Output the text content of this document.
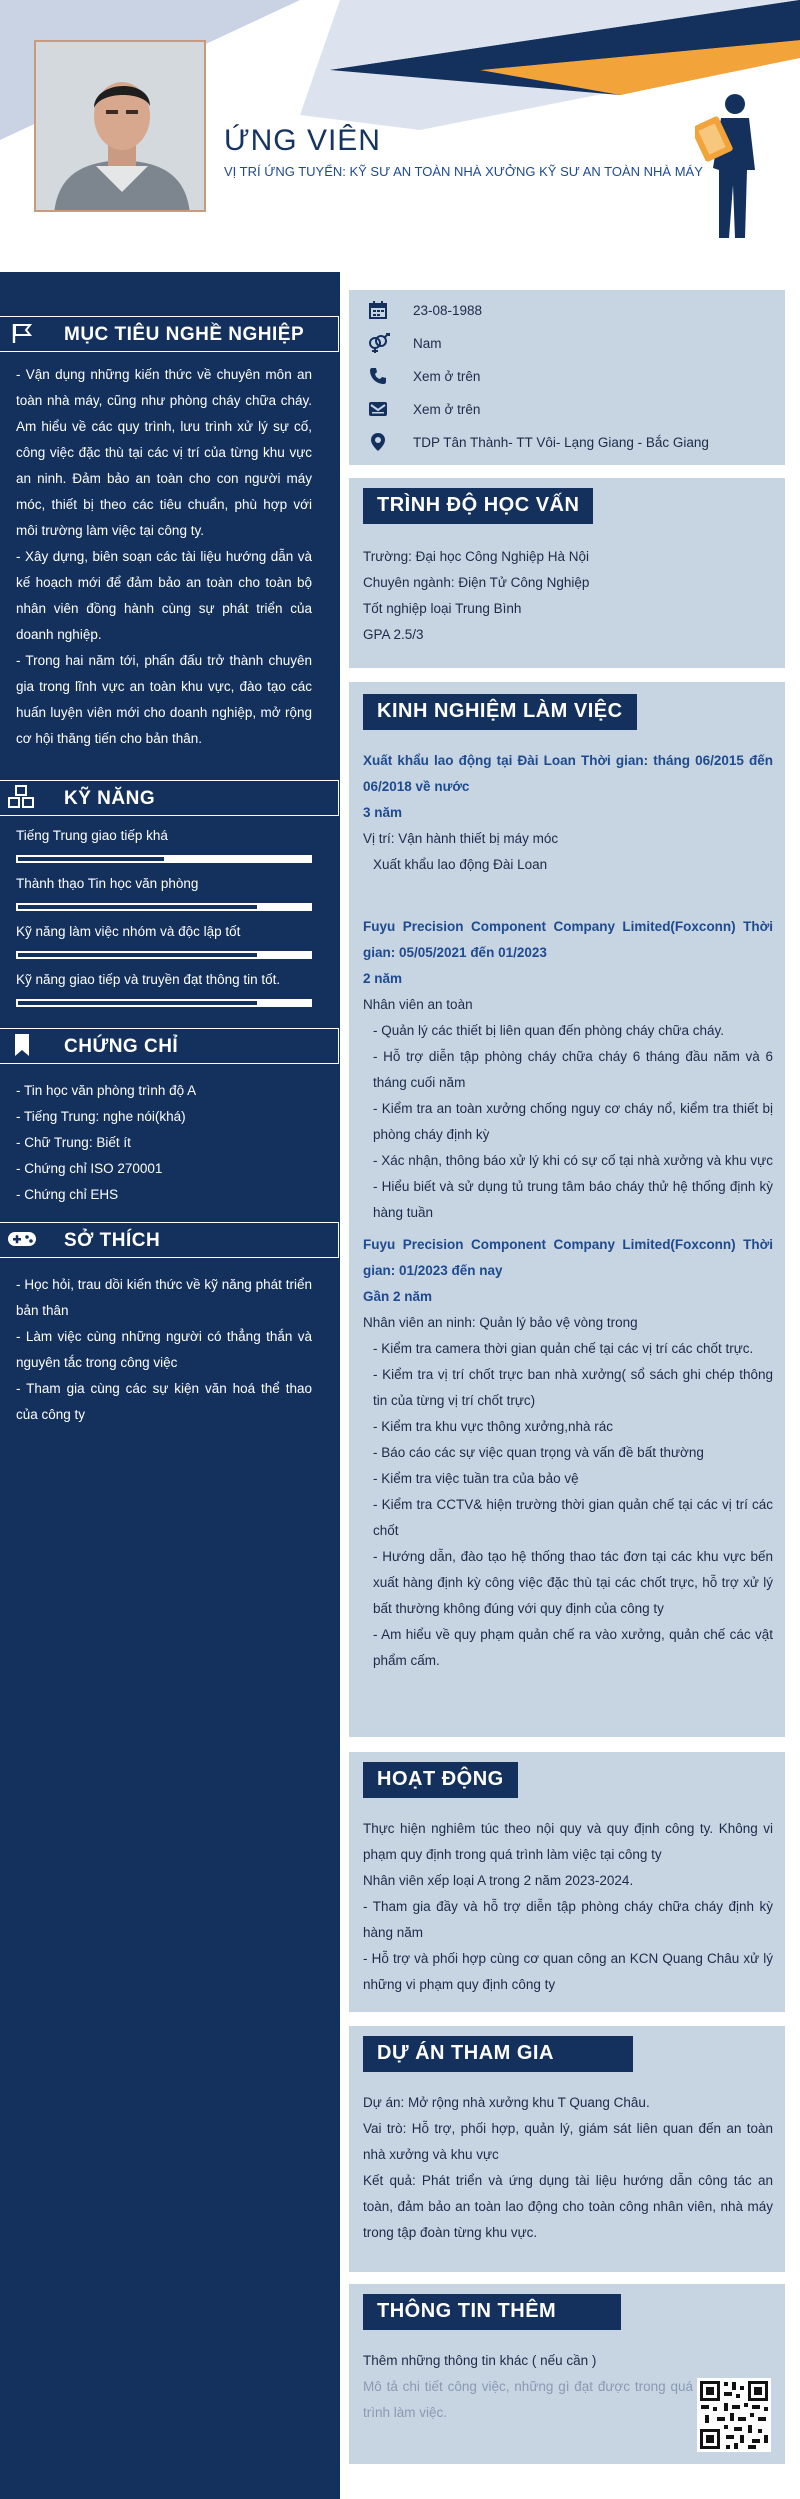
ỨNG VIÊN
VỊ TRÍ ỨNG TUYỂN: KỸ SƯ AN TOÀN NHÀ XƯỞNG KỸ SƯ AN TOÀN NHÀ MÁY
MỤC TIÊU NGHỀ NGHIỆP
- Vận dụng những kiến thức về chuyên môn an toàn nhà máy, cũng như phòng cháy chữa cháy. Am hiểu về các quy trình, lưu trình xử lý sự cố, công việc đặc thù tại các vị trí của từng khu vực an ninh. Đảm bảo an toàn cho con người máy móc, thiết bị theo các tiêu chuẩn, phù hợp với môi trường làm việc tại công ty.
- Xây dựng, biên soạn các tài liệu hướng dẫn và kế hoạch mới để đảm bảo an toàn cho toàn bộ nhân viên đồng hành cùng sự phát triển của doanh nghiệp.
- Trong hai năm tới, phấn đấu trở thành chuyên gia trong lĩnh vực an toàn khu vực, đào tạo các huấn luyện viên mới cho doanh nghiệp, mở rộng cơ hội thăng tiến cho bản thân.
KỸ NĂNG
Tiếng Trung giao tiếp khá
Thành thạo Tin học văn phòng
Kỹ năng làm việc nhóm và độc lập tốt
Kỹ năng giao tiếp và truyền đạt thông tin tốt.
CHỨNG CHỈ
- Tin học văn phòng trình độ A
- Tiếng Trung: nghe nói(khá)
- Chữ Trung: Biết ít
- Chứng chỉ ISO 270001
- Chứng chỉ EHS
SỞ THÍCH
- Học hỏi, trau dồi kiến thức về kỹ năng phát triển bản thân
- Làm việc cùng những người có thẳng thắn và nguyên tắc trong công việc
- Tham gia cùng các sự kiện văn hoá thể thao của công ty
23-08-1988
Nam
Xem ở trên
Xem ở trên
TDP Tân Thành- TT Vôi- Lạng Giang - Bắc Giang
TRÌNH ĐỘ HỌC VẤN
Trường: Đại học Công Nghiệp Hà Nội
Chuyên ngành: Điện Tử Công Nghiệp
Tốt nghiệp loại Trung Bình
GPA 2.5/3
KINH NGHIỆM LÀM VIỆC
Xuất khẩu lao động tại Đài Loan Thời gian: tháng 06/2015 đến 06/2018 về nước
3 năm
Vị trí: Vận hành thiết bị máy móc
Xuất khẩu lao động Đài Loan
Fuyu Precision Component Company Limited(Foxconn) Thời gian: 05/05/2021 đến 01/2023
2 năm
Nhân viên an toàn
- Quản lý các thiết bị liên quan đến phòng cháy chữa cháy.
- Hỗ trợ diễn tập phòng cháy chữa cháy 6 tháng đầu năm và 6 tháng cuối năm
- Kiểm tra an toàn xưởng chống nguy cơ cháy nổ, kiểm tra thiết bị phòng cháy định kỳ
- Xác nhận, thông báo xử lý khi có sự cố tại nhà xưởng và khu vực
- Hiểu biết và sử dụng tủ trung tâm báo cháy thử hệ thống định kỳ hàng tuần
Fuyu Precision Component Company Limited(Foxconn) Thời gian: 01/2023 đến nay
Gần 2 năm
Nhân viên an ninh: Quản lý bảo vệ vòng trong
- Kiểm tra camera thời gian quản chế tại các vị trí các chốt trực.
- Kiểm tra vị trí chốt trực ban nhà xưởng( sổ sách ghi chép thông tin của từng vị trí chốt trực)
- Kiểm tra khu vực thông xưởng,nhà rác
- Báo cáo các sự việc quan trọng và vấn đề bất thường
- Kiểm tra việc tuần tra của bảo vệ
- Kiểm tra CCTV& hiện trường thời gian quản chế tại các vị trí các chốt
- Hướng dẫn, đào tạo hệ thống thao tác đơn tại các khu vực bến xuất hàng định kỳ công việc đặc thù tại các chốt trực, hỗ trợ xử lý bất thường không đúng với quy định của công ty
- Am hiểu về quy phạm quản chế ra vào xưởng, quản chế các vật phẩm cấm.
HOẠT ĐỘNG
Thực hiện nghiêm túc theo nội quy và quy định công ty. Không vi phạm quy định trong quá trình làm việc tại công ty
Nhân viên xếp loại A trong 2 năm 2023-2024.
- Tham gia đầy và hỗ trợ diễn tập phòng cháy chữa cháy định kỳ hàng năm
- Hỗ trợ và phối hợp cùng cơ quan công an KCN Quang Châu xử lý những vi phạm quy định công ty
DỰ ÁN THAM GIA
Dự án: Mở rộng nhà xưởng khu T Quang Châu.
Vai trò: Hỗ trợ, phối hợp, quản lý, giám sát liên quan đến an toàn nhà xưởng và khu vực
Kết quả: Phát triển và ứng dụng tài liệu hướng dẫn công tác an toàn, đảm bảo an toàn lao động cho toàn công nhân viên, nhà máy trong tập đoàn từng khu vực.
THÔNG TIN THÊM
Thêm những thông tin khác ( nếu cần )
Mô tả chi tiết công việc, những gì đạt được trong quá trình làm việc.
